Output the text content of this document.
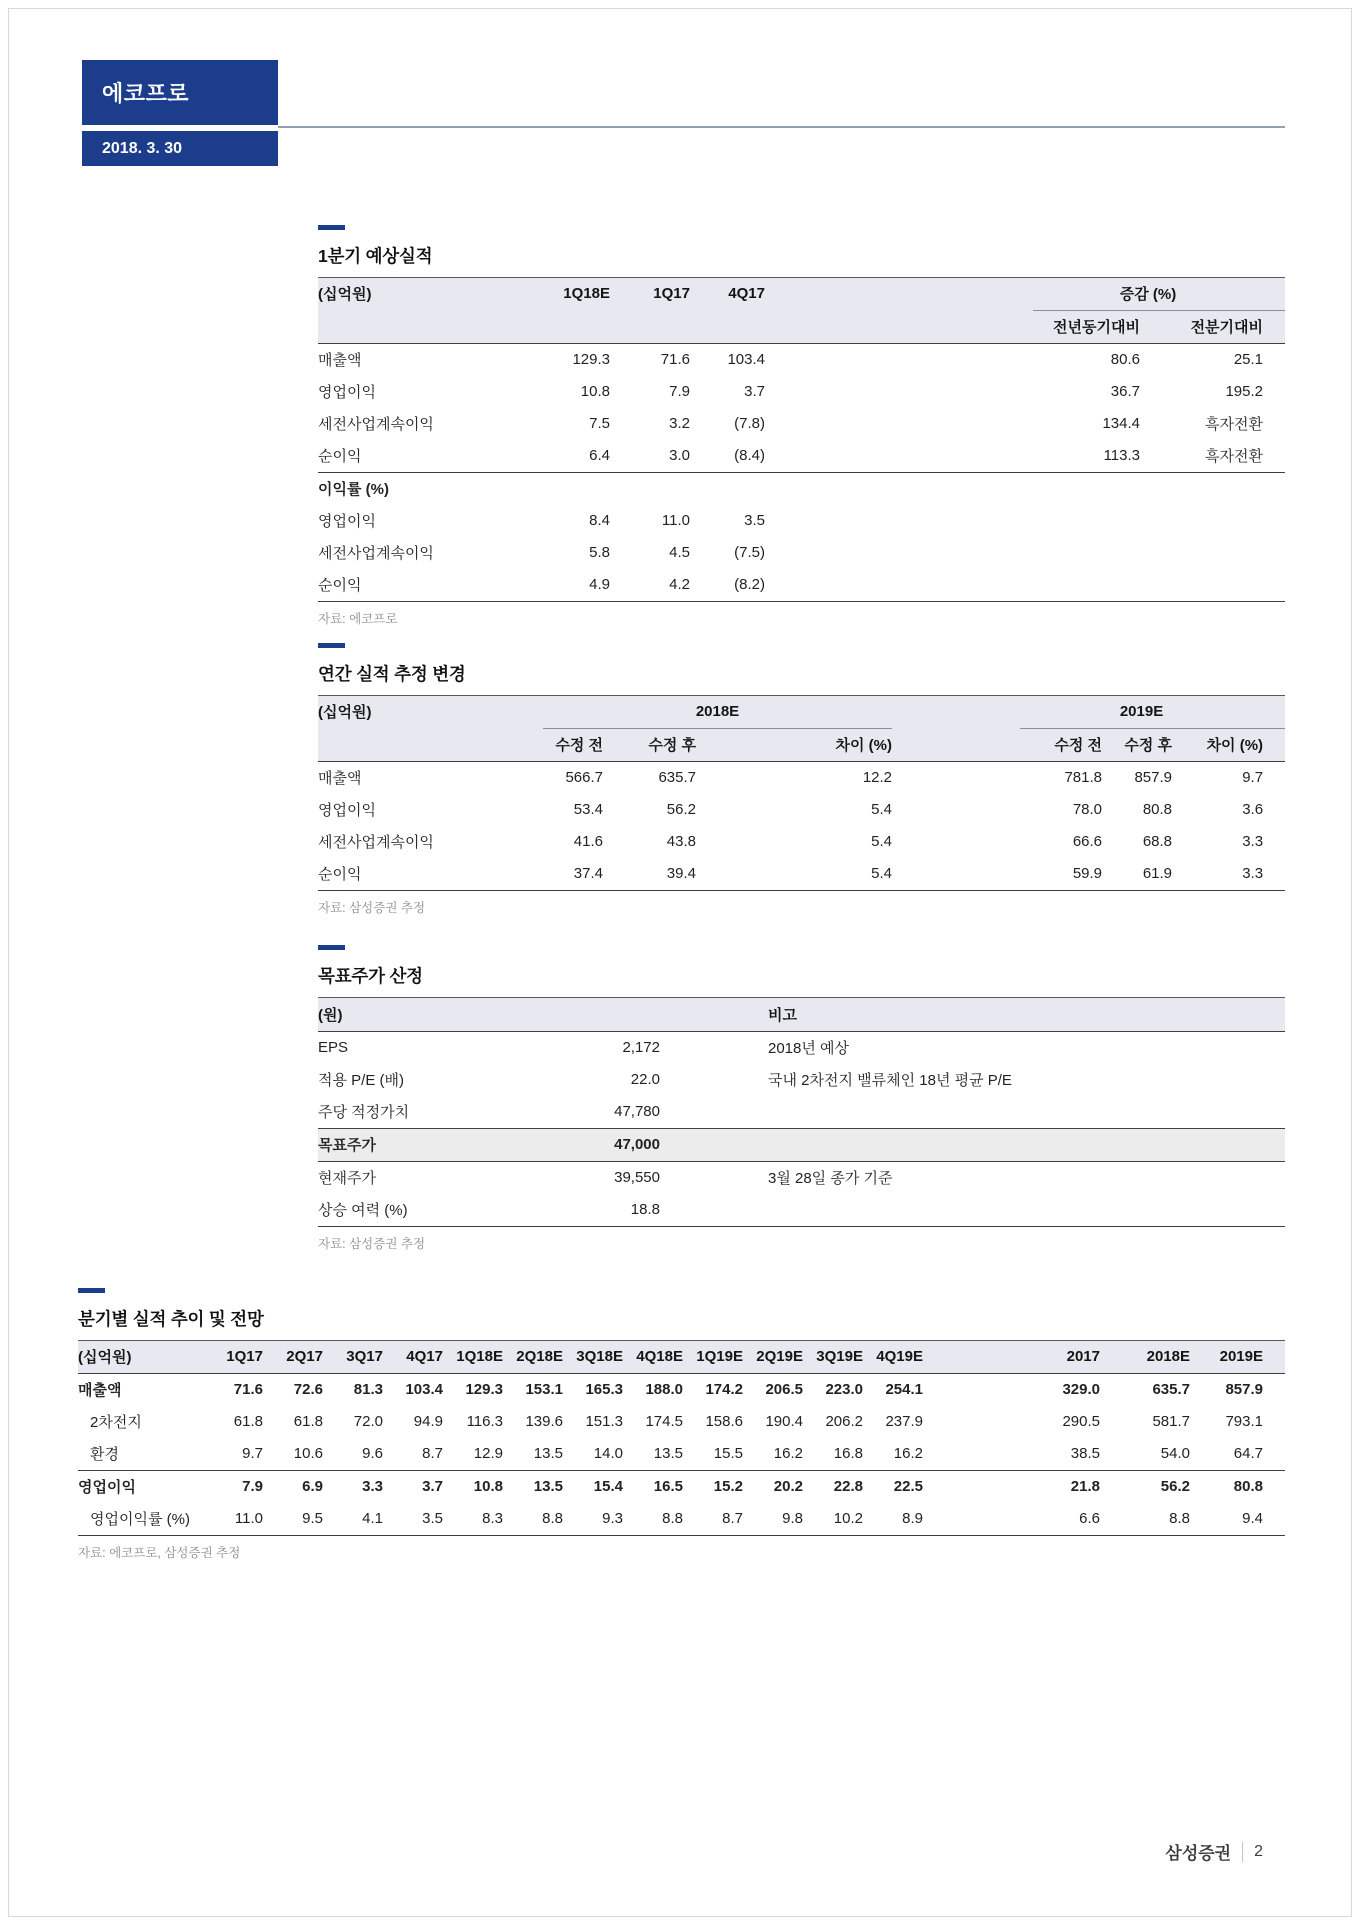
에코프로
2018. 3. 30
1분기 예상실적
(십억원)	1Q18E	1Q17	4Q17		증감 (%)	
					전년동기대비	전분기대비
매출액	129.3	71.6	103.4		80.6	25.1
영업이익	10.8	7.9	3.7		36.7	195.2
세전사업계속이익	7.5	3.2	(7.8)		134.4	흑자전환
순이익	6.4	3.0	(8.4)		113.3	흑자전환
이익률 (%)						
영업이익	8.4	11.0	3.5			
세전사업계속이익	5.8	4.5	(7.5)			
순이익	4.9	4.2	(8.2)			
자료: 에코프로
연간 실적 추정 변경
(십억원)	2018E				2019E		
	수정 전	수정 후	차이 (%)		수정 전	수정 후	차이 (%)
매출액	566.7	635.7	12.2		781.8	857.9	9.7
영업이익	53.4	56.2	5.4		78.0	80.8	3.6
세전사업계속이익	41.6	43.8	5.4		66.6	68.8	3.3
순이익	37.4	39.4	5.4		59.9	61.9	3.3
자료: 삼성증권 추정
목표주가 산정
(원)			비고
EPS	2,172		2018년 예상
적용 P/E (배)	22.0		국내 2차전지 밸류체인 18년 평균 P/E
주당 적정가치	47,780		
목표주가	47,000		
현재주가	39,550		3월 28일 종가 기준
상승 여력 (%)	18.8		
자료: 삼성증권 추정
분기별 실적 추이 및 전망
(십억원)	1Q17	2Q17	3Q17	4Q17	1Q18E	2Q18E	3Q18E	4Q18E	1Q19E	2Q19E	3Q19E	4Q19E		2017	2018E	2019E
매출액	71.6	72.6	81.3	103.4	129.3	153.1	165.3	188.0	174.2	206.5	223.0	254.1		329.0	635.7	857.9
2차전지	61.8	61.8	72.0	94.9	116.3	139.6	151.3	174.5	158.6	190.4	206.2	237.9		290.5	581.7	793.1
환경	9.7	10.6	9.6	8.7	12.9	13.5	14.0	13.5	15.5	16.2	16.8	16.2		38.5	54.0	64.7
영업이익	7.9	6.9	3.3	3.7	10.8	13.5	15.4	16.5	15.2	20.2	22.8	22.5		21.8	56.2	80.8
영업이익률 (%)	11.0	9.5	4.1	3.5	8.3	8.8	9.3	8.8	8.7	9.8	10.2	8.9		6.6	8.8	9.4
자료: 에코프로, 삼성증권 추정
삼성증권 2
